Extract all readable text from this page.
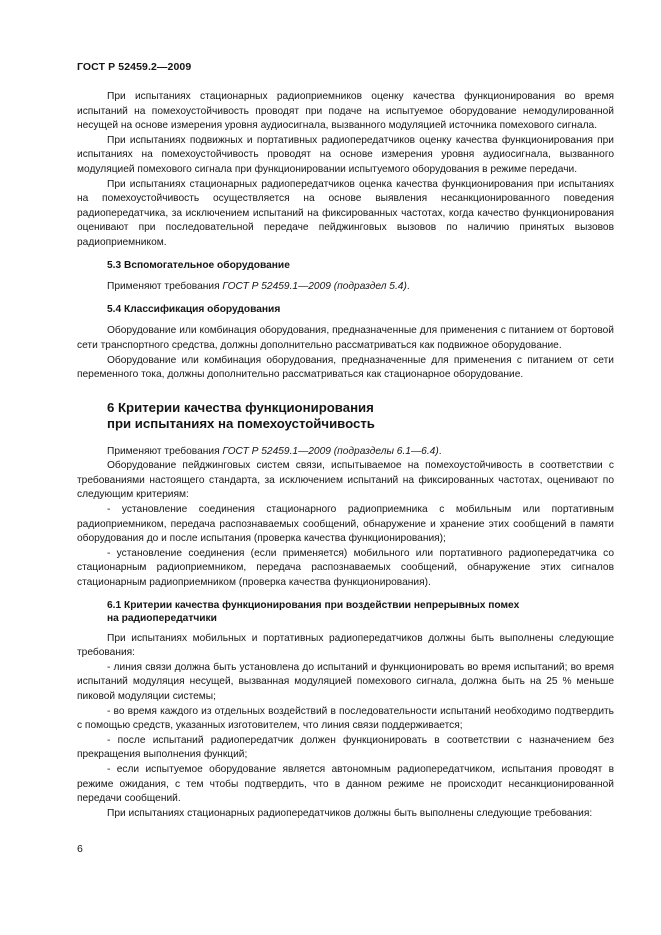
ГОСТ Р 52459.2—2009

При испытаниях стационарных радиоприемников оценку качества функционирования во время испытаний на помехоустойчивость проводят при подаче на испытуемое оборудование немодулированной несущей на основе измерения уровня аудиосигнала, вызванного модуляцией источника помехового сигнала.

При испытаниях подвижных и портативных радиопередатчиков оценку качества функционирования при испытаниях на помехоустойчивость проводят на основе измерения уровня аудиосигнала, вызванного модуляцией помехового сигнала при функционировании испытуемого оборудования в режиме передачи.

При испытаниях стационарных радиопередатчиков оценка качества функционирования при испытаниях на помехоустойчивость осуществляется на основе выявления несанкционированного поведения радиопередатчика, за исключением испытаний на фиксированных частотах, когда качество функционирования оценивают при последовательной передаче пейджинговых вызовов по наличию принятых вызовов радиоприемником.

5.3 Вспомогательное оборудование

Применяют требования ГОСТ Р 52459.1—2009 (подраздел 5.4).

5.4 Классификация оборудования

Оборудование или комбинация оборудования, предназначенные для применения с питанием от бортовой сети транспортного средства, должны дополнительно рассматриваться как подвижное оборудование.

Оборудование или комбинация оборудования, предназначенные для применения с питанием от сети переменного тока, должны дополнительно рассматриваться как стационарное оборудование.

6 Критерии качества функционирования
при испытаниях на помехоустойчивость

Применяют требования ГОСТ Р 52459.1—2009 (подразделы 6.1—6.4).

Оборудование пейджинговых систем связи, испытываемое на помехоустойчивость в соответствии с требованиями настоящего стандарта, за исключением испытаний на фиксированных частотах, оценивают по следующим критериям:

- установление соединения стационарного радиоприемника с мобильным или портативным радиоприемником, передача распознаваемых сообщений, обнаружение и хранение этих сообщений в памяти оборудования до и после испытания (проверка качества функционирования);

- установление соединения (если применяется) мобильного или портативного радиопередатчика со стационарным радиоприемником, передача распознаваемых сообщений, обнаружение этих сигналов стационарным радиоприемником (проверка качества функционирования).

6.1 Критерии качества функционирования при воздействии непрерывных помех
на радиопередатчики

При испытаниях мобильных и портативных радиопередатчиков должны быть выполнены следующие требования:

- линия связи должна быть установлена до испытаний и функционировать во время испытаний; во время испытаний модуляция несущей, вызванная модуляцией помехового сигнала, должна быть на 25 % меньше пиковой модуляции системы;

- во время каждого из отдельных воздействий в последовательности испытаний необходимо подтвердить с помощью средств, указанных изготовителем, что линия связи поддерживается;

- после испытаний радиопередатчик должен функционировать в соответствии с назначением без прекращения выполнения функций;

- если испытуемое оборудование является автономным радиопередатчиком, испытания проводят в режиме ожидания, с тем чтобы подтвердить, что в данном режиме не происходит несанкционированной передачи сообщений.

При испытаниях стационарных радиопередатчиков должны быть выполнены следующие требования:

6
